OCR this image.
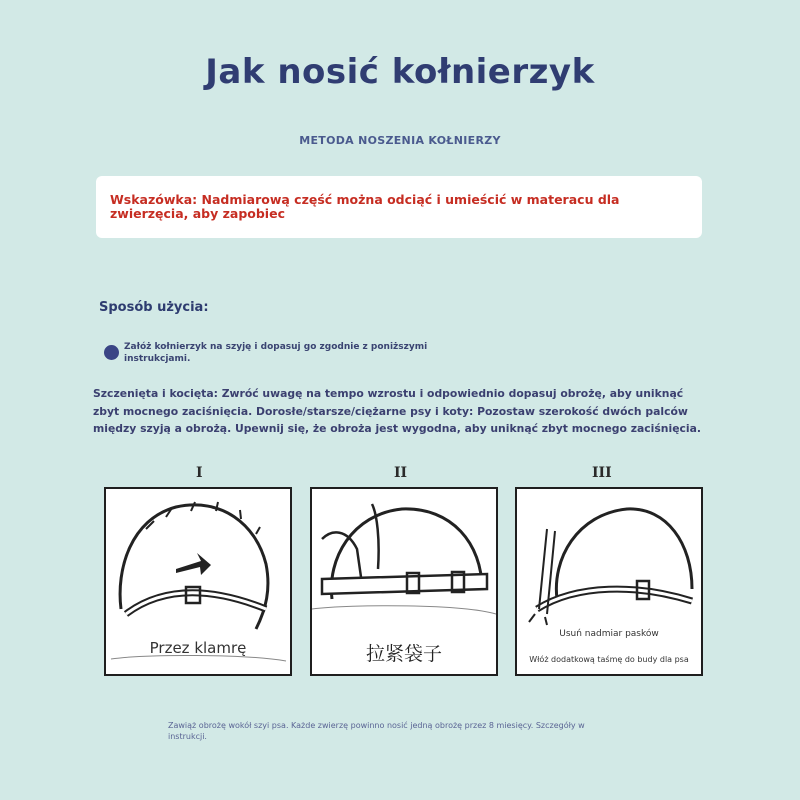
Jak nosić kołnierzyk
METODA NOSZENIA KOŁNIERZY
Wskazówka: Nadmiarową część można odciąć i umieścić w materacu dla zwierzęcia, aby zapobiec
Sposób użycia:
Załóż kołnierzyk na szyję i dopasuj go zgodnie z poniższymi instrukcjami.
Szczenięta i kocięta: Zwróć uwagę na tempo wzrostu i odpowiednio dopasuj obrożę, aby uniknąć zbyt mocnego zaciśnięcia. Dorosłe/starsze/ciężarne psy i koty: Pozostaw szerokość dwóch palców między szyją a obrożą. Upewnij się, że obroża jest wygodna, aby uniknąć zbyt mocnego zaciśnięcia.
I
Przez klamrę
II
拉紧袋子
III
Usuń nadmiar pasków
Włóż dodatkową taśmę do budy dla psa
Zawiąż obrożę wokół szyi psa. Każde zwierzę powinno nosić jedną obrożę przez 8 miesięcy. Szczegóły w instrukcji.
